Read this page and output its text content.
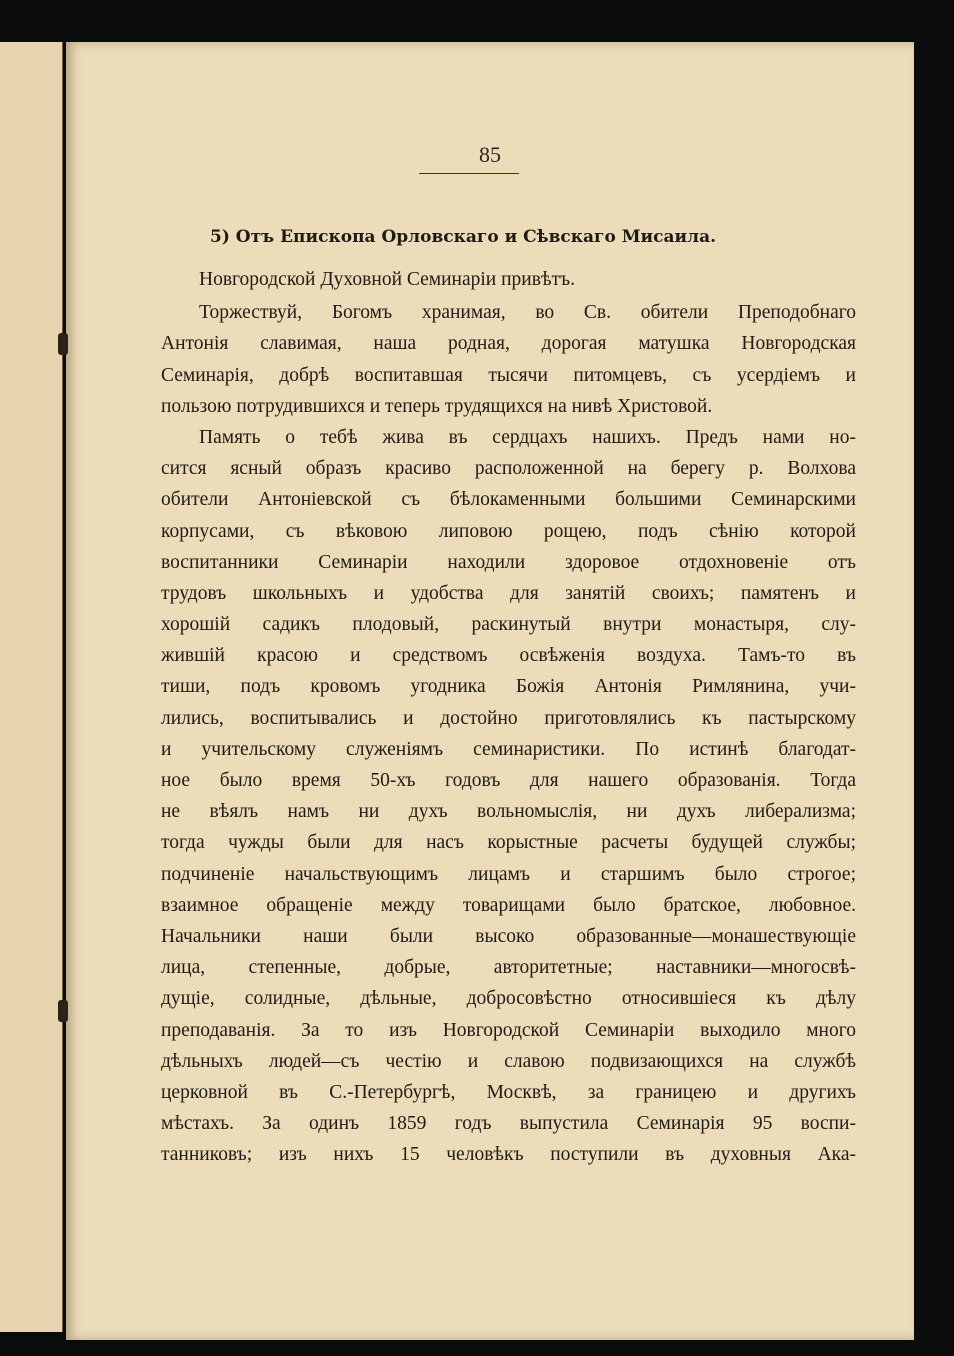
85
5) Отъ Епископа Орловскаго и Сѣвскаго Мисаила.
Новгородской Духовной Семинаріи привѣтъ.
Торжествуй, Богомъ хранимая, во Св. обители Преподобнаго
Антонія славимая, наша родная, дорогая матушка Новгородская
Семинарія, добрѣ воспитавшая тысячи питомцевъ, съ усердіемъ и
пользою потрудившихся и теперь трудящихся на нивѣ Христовой.
Память о тебѣ жива въ сердцахъ нашихъ. Предъ нами но-
сится ясный образъ красиво расположенной на берегу р. Волхова
обители Антоніевской съ бѣлокаменными большими Семинарскими
корпусами, съ вѣковою липовою рощею, подъ сѣнію которой
воспитанники Семинаріи находили здоровое отдохновеніе отъ
трудовъ школьныхъ и удобства для занятій своихъ; памятенъ и
хорошій садикъ плодовый, раскинутый внутри монастыря, слу-
жившій красою и средствомъ освѣженія воздуха. Тамъ-то въ
тиши, подъ кровомъ угодника Божія Антонія Римлянина, учи-
лились, воспитывались и достойно приготовлялись къ пастырскому
и учительскому служеніямъ семинаристики. По истинѣ благодат-
ное было время 50-хъ годовъ для нашего образованія. Тогда
не вѣялъ намъ ни духъ вольномыслія, ни духъ либерализма;
тогда чужды были для насъ корыстные расчеты будущей службы;
подчиненіе начальствующимъ лицамъ и старшимъ было строгое;
взаимное обращеніе между товарищами было братское, любовное.
Начальники наши были высоко образованные—монашествующіе
лица, степенные, добрые, авторитетные; наставники—многосвѣ-
дущіе, солидные, дѣльные, добросовѣстно относившіеся къ дѣлу
преподаванія. За то изъ Новгородской Семинаріи выходило много
дѣльныхъ людей—съ честію и славою подвизающихся на службѣ
церковной въ С.-Петербургѣ, Москвѣ, за границею и другихъ
мѣстахъ. За одинъ 1859 годъ выпустила Семинарія 95 воспи-
танниковъ; изъ нихъ 15 человѣкъ поступили въ духовныя Ака-
